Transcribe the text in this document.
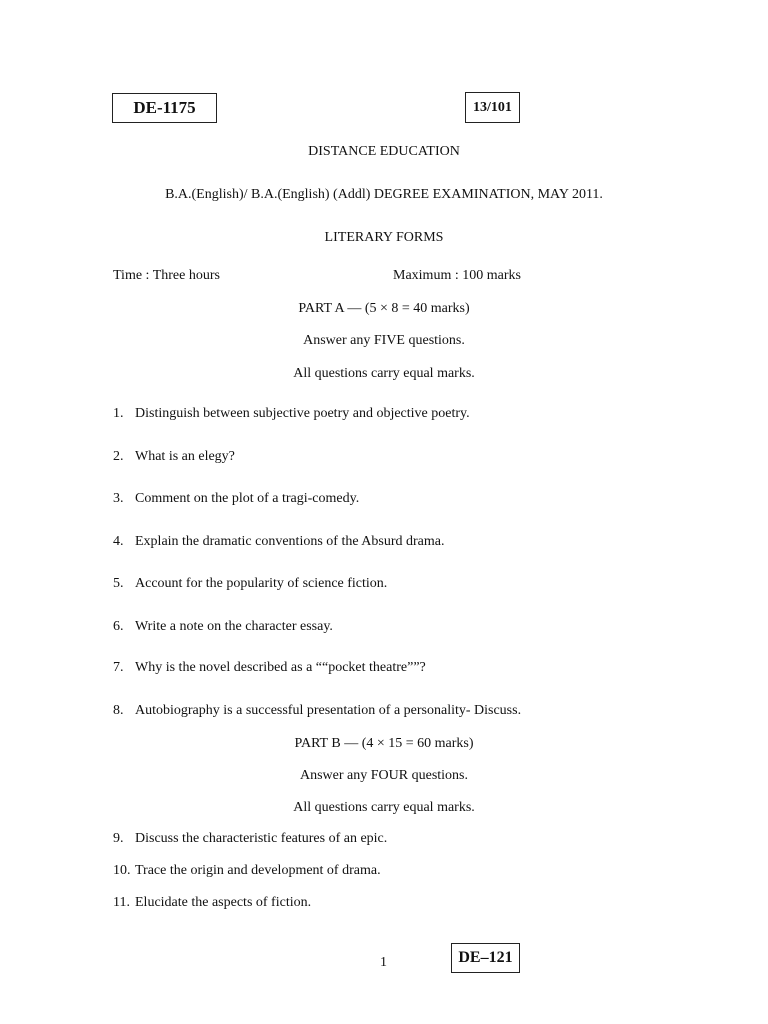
DE-1175	13/101
DISTANCE EDUCATION
B.A.(English)/ B.A.(English) (Addl) DEGREE EXAMINATION, MAY 2011.
LITERARY FORMS
Time : Three hours	Maximum : 100 marks
PART A — (5 × 8 = 40 marks)
Answer any FIVE questions.
All questions carry equal marks.
1. Distinguish between subjective poetry and objective poetry.
2. What is an elegy?
3. Comment on the plot of a tragi-comedy.
4. Explain the dramatic conventions of the Absurd drama.
5. Account for the popularity of science fiction.
6. Write a note on the character essay.
7. Why is the novel described as a ““pocket theatre””?
8. Autobiography is a successful presentation of a personality- Discuss.
PART B — (4 × 15 = 60 marks)
Answer any FOUR questions.
All questions carry equal marks.
9. Discuss the characteristic features of an epic.
10. Trace the origin and development of drama.
11. Elucidate the aspects of fiction.
1	DE–121
